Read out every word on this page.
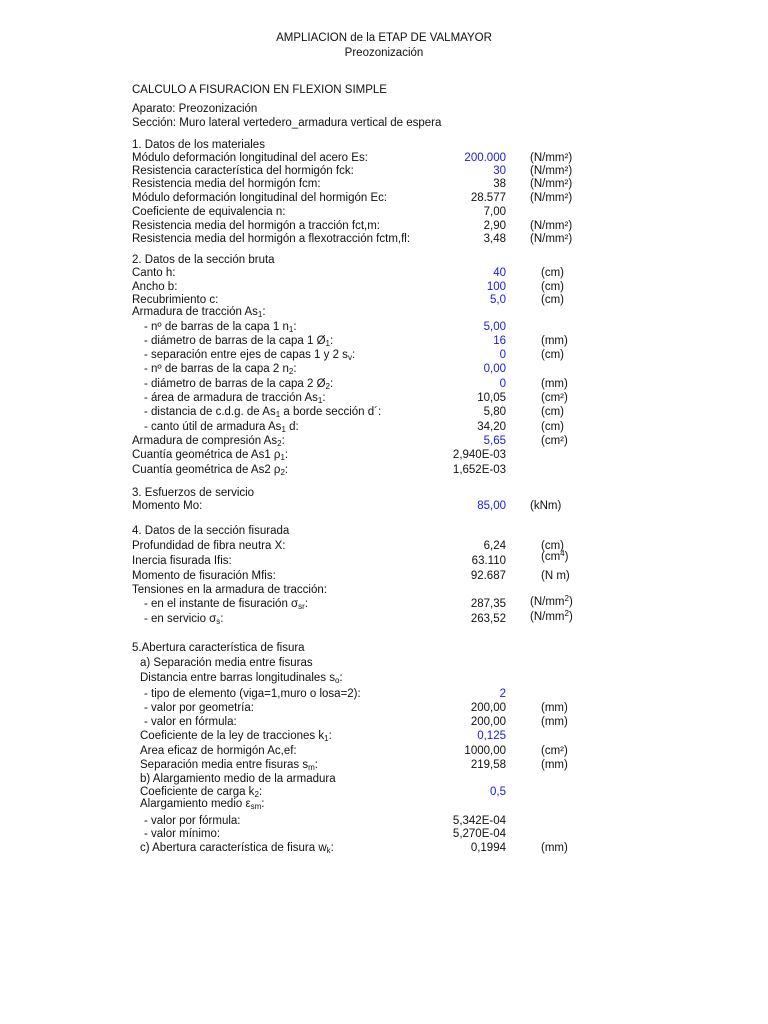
AMPLIACION de la ETAP DE VALMAYOR
Preozonización
CALCULO A FISURACION EN FLEXION SIMPLE
Aparato: Preozonización
Sección: Muro lateral vertedero_armadura vertical de espera
1. Datos de los materiales
Módulo deformación longitudinal del acero Es:	200.000 (N/mm²)
Resistencia característica del hormigón fck:	30 (N/mm²)
Resistencia media del hormigón fcm:	38 (N/mm²)
Módulo deformación longitudinal del hormigón Ec:	28.577 (N/mm²)
Coeficiente de equivalencia n:	7,00
Resistencia media del hormigón a tracción fct,m:	2,90 (N/mm²)
Resistencia media del hormigón a flexotracción fctm,fl:	3,48 (N/mm²)
2. Datos de la sección bruta
Canto h:	40	(cm)
Ancho b:	100	(cm)
Recubrimiento c:	5,0	(cm)
Armadura de tracción $As_1$:
- nº de barras de la capa 1 $n_1$:	5,00
- diámetro de barras de la capa 1 $Ø_1$:	16	(mm)
- separación entre ejes de capas 1 y 2 $s_v$:	0	(cm)
- nº de barras de la capa 2 $n_2$:	0,00
- diámetro de barras de la capa 2 $Ø_2$:	0	(mm)
- área de armadura de tracción $As_1$:	10,05	(cm²)
- distancia de c.d.g. de $As_1$ a borde sección d´:	5,80	(cm)
- canto útil de armadura $As_1$ d:	34,20	(cm)
Armadura de compresión $As_2$:	5,65	(cm²)
Cuantía geométrica de As1 $\rho_1$:	2,940E-03
Cuantía geométrica de As2 $\rho_2$:	1,652E-03
3. Esfuerzos de servicio
Momento Mo:	85,00 (kNm)
4. Datos de la sección fisurada
Profundidad de fibra neutra X:	6,24	(cm)
Inercia fisurada Ifis:	63.110	$(cm^4)$
Momento de fisuración Mfis:	92.687	(N m)
Tensiones en la armadura de tracción:
- en el instante de fisuración $\sigma_{sr}$:	287,35 $(N/mm^2)$
- en servicio $\sigma_s$:	263,52 $(N/mm^2)$
5.Abertura característica de fisura
a) Separación media entre fisuras
Distancia entre barras longitudinales $s_o$:
- tipo de elemento (viga=1,muro o losa=2):	2
- valor por geometría:	200,00	(mm)
- valor en fórmula:	200,00	(mm)
Coeficiente de la ley de tracciones $k_1$:	0,125
Area eficaz de hormigón Ac,ef:	1000,00	(cm²)
Separación media entre fisuras $s_m$:	219,58	(mm)
b) Alargamiento medio de la armadura
Coeficiente de carga $k_2$:	0,5
Alargamiento medio $\varepsilon_{sm}$:
- valor por fórmula:	5,342E-04
- valor mínimo:	5,270E-04
c) Abertura característica de fisura $w_k$:	0,1994	(mm)
